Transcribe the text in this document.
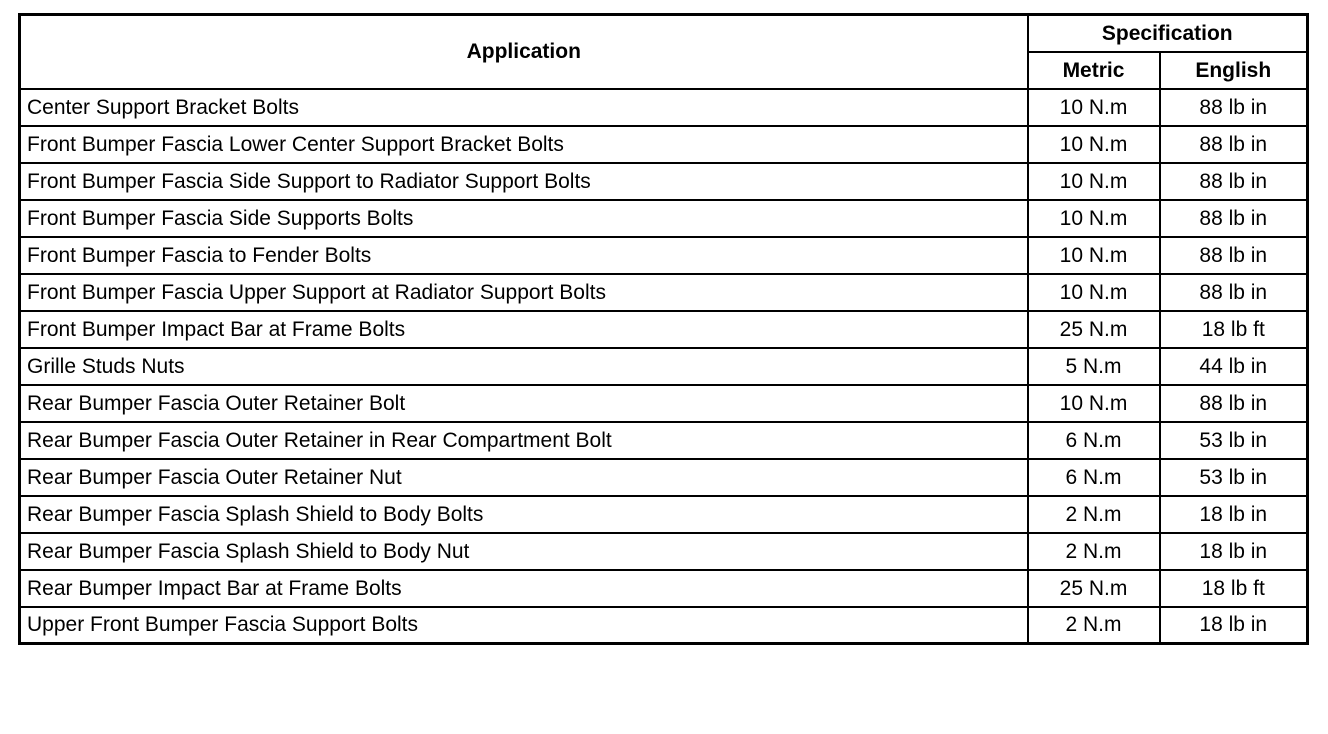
Application	Specification	
	Metric	English
Center Support Bracket Bolts	10 N.m	88 lb in
Front Bumper Fascia Lower Center Support Bracket Bolts	10 N.m	88 lb in
Front Bumper Fascia Side Support to Radiator Support Bolts	10 N.m	88 lb in
Front Bumper Fascia Side Supports Bolts	10 N.m	88 lb in
Front Bumper Fascia to Fender Bolts	10 N.m	88 lb in
Front Bumper Fascia Upper Support at Radiator Support Bolts	10 N.m	88 lb in
Front Bumper Impact Bar at Frame Bolts	25 N.m	18 lb ft
Grille Studs Nuts	5 N.m	44 lb in
Rear Bumper Fascia Outer Retainer Bolt	10 N.m	88 lb in
Rear Bumper Fascia Outer Retainer in Rear Compartment Bolt	6 N.m	53 lb in
Rear Bumper Fascia Outer Retainer Nut	6 N.m	53 lb in
Rear Bumper Fascia Splash Shield to Body Bolts	2 N.m	18 lb in
Rear Bumper Fascia Splash Shield to Body Nut	2 N.m	18 lb in
Rear Bumper Impact Bar at Frame Bolts	25 N.m	18 lb ft
Upper Front Bumper Fascia Support Bolts	2 N.m	18 lb in
